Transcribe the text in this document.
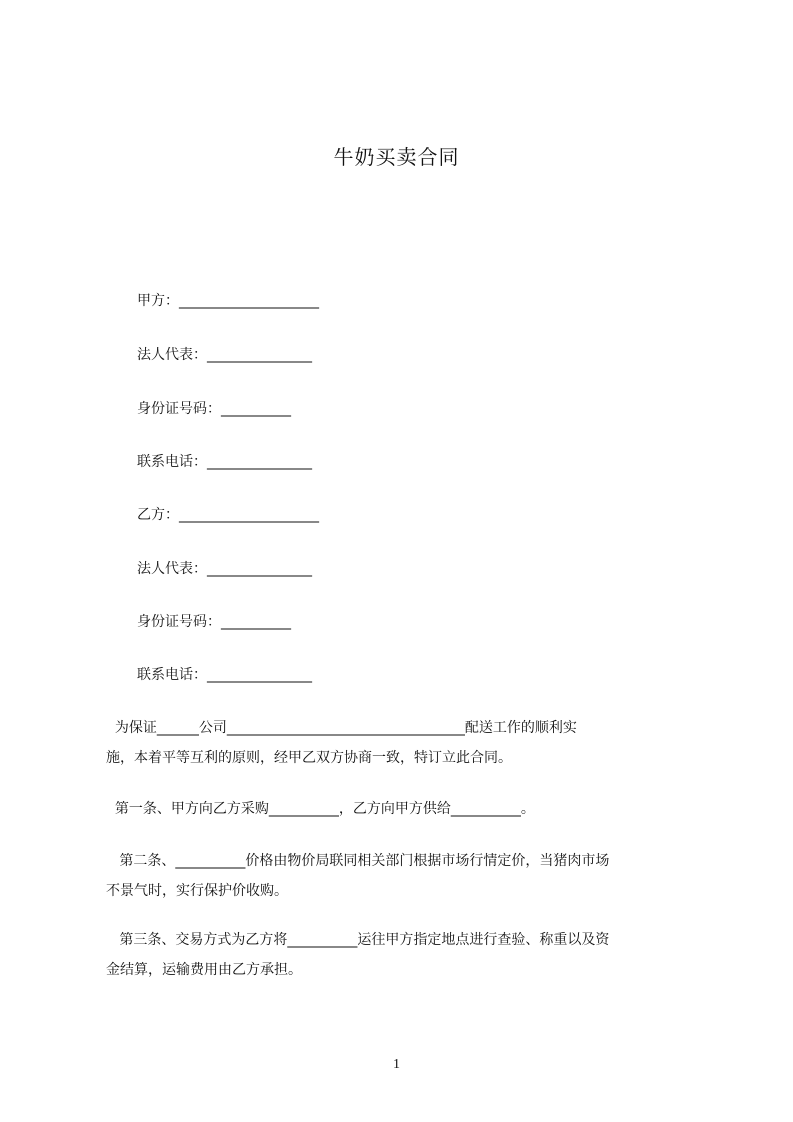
牛奶买卖合同
甲方：____________________
法人代表：_______________
身份证号码：__________
联系电话：_______________
乙方：____________________
法人代表：_______________
身份证号码：__________
联系电话：_______________
为保证______公司__________________________________配送工作的顺利实
施，本着平等互利的原则，经甲乙双方协商一致，特订立此合同。
第一条、甲方向乙方采购__________，乙方向甲方供给__________。
第二条、__________价格由物价局联同相关部门根据市场行情定价，当猪肉市场
不景气时，实行保护价收购。
第三条、交易方式为乙方将__________运往甲方指定地点进行查验、称重以及资
金结算，运输费用由乙方承担。
1
